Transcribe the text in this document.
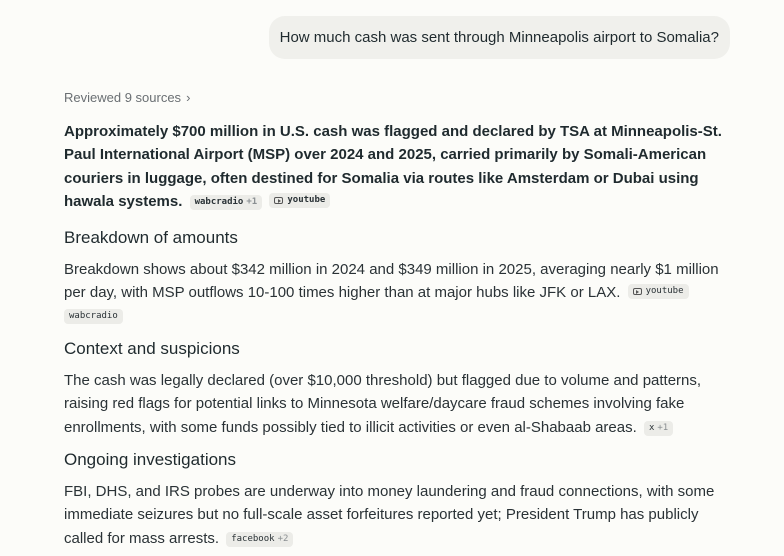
How much cash was sent through Minneapolis airport to Somalia?
Reviewed 9 sources ›
Approximately $700 million in U.S. cash was flagged and declared by TSA at Minneapolis-St. Paul International Airport (MSP) over 2024 and 2025, carried primarily by Somali-American couriers in luggage, often destined for Somalia via routes like Amsterdam or Dubai using hawala systems. wabcradio +1
	youtube
Breakdown of amounts
Breakdown shows about $342 million in 2024 and $349 million in 2025, averaging nearly $1 million per day, with MSP outflows 10-100 times higher than at major hubs like JFK or LAX.	youtube

wabcradio
Context and suspicions
The cash was legally declared (over $10,000 threshold) but flagged due to volume and patterns, raising red flags for potential links to Minnesota welfare/daycare fraud schemes involving fake enrollments, with some funds possibly tied to illicit activities or even al-Shabaab areas. x +1
Ongoing investigations
FBI, DHS, and IRS probes are underway into money laundering and fraud connections, with some immediate seizures but no full-scale asset forfeitures reported yet; President Trump has publicly called for mass arrests. facebook +2
